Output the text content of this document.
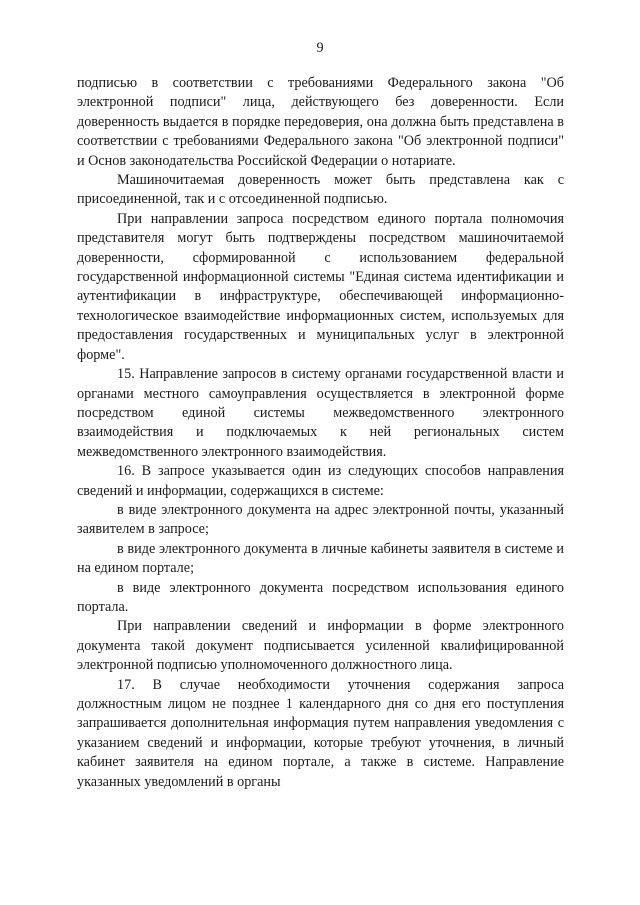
9

подписью в соответствии с требованиями Федерального закона "Об электронной подписи" лица, действующего без доверенности. Если доверенность выдается в порядке передоверия, она должна быть представлена в соответствии с требованиями Федерального закона "Об электронной подписи" и Основ законодательства Российской Федерации о нотариате.

Машиночитаемая доверенность может быть представлена как с присоединенной, так и с отсоединенной подписью.

При направлении запроса посредством единого портала полномочия представителя могут быть подтверждены посредством машиночитаемой доверенности, сформированной с использованием федеральной государственной информационной системы "Единая система идентификации и аутентификации в инфраструктуре, обеспечивающей информационно-технологическое взаимодействие информационных систем, используемых для предоставления государственных и муниципальных услуг в электронной форме".

15. Направление запросов в систему органами государственной власти и органами местного самоуправления осуществляется в электронной форме посредством единой системы межведомственного электронного взаимодействия и подключаемых к ней региональных систем межведомственного электронного взаимодействия.

16. В запросе указывается один из следующих способов направления сведений и информации, содержащихся в системе:

в виде электронного документа на адрес электронной почты, указанный заявителем в запросе;

в виде электронного документа в личные кабинеты заявителя в системе и на едином портале;

в виде электронного документа посредством использования единого портала.

При направлении сведений и информации в форме электронного документа такой документ подписывается усиленной квалифицированной электронной подписью уполномоченного должностного лица.

17. В случае необходимости уточнения содержания запроса должностным лицом не позднее 1 календарного дня со дня его поступления запрашивается дополнительная информация путем направления уведомления с указанием сведений и информации, которые требуют уточнения, в личный кабинет заявителя на едином портале, а также в системе. Направление указанных уведомлений в органы
